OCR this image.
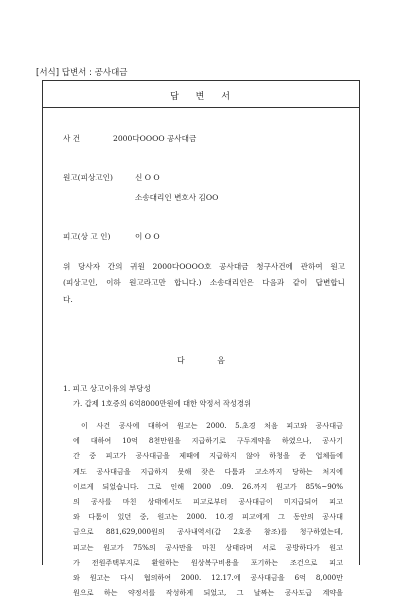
[서식] 답변서 : 공사대금
답 변 서
사 건	2000다OOOO 공사대금
원고(피상고인)	신 O O
소송대리인 변호사 김OO
피고(상 고 인)	이 O O
위 당사자 간의 귀원 2000다OOOO호 공사대금 청구사건에 관하여 원고
(피상고인, 이하 원고라고만 합니다.) 소송대리인은 다음과 같이 답변합니
다.
다 음
1. 피고 상고이유의 부당성
가. 갑제 1호증의 6억8000만원에 대한 약정서 작성경위
이 사건 공사에 대하여 원고는 2000. 5.초경 처음 피고와 공사대금
에 대하여 10억 8천만원을 지급하기로 구두계약을 하였으나, 공사기
간 중 피고가 공사대금을 제때에 지급하지 않아 하청을 준 업체들에
게도 공사대금을 지급하지 못해 잦은 다툼과 고소까지 당하는 처지에
이르게 되었습니다. 그로 인해 2000 .09. 26.까지 원고가 85%~90%
의 공사를 마친 상태에서도 피고로부터 공사대금이 미지급되어 피고
와 다툼이 있던 중, 원고는 2000. 10.경 피고에게 그 동안의 공사대
금으로 881,629,000원의 공사내역서(갑 2호증 참조)를 청구하였는데,
피고는 원고가 75%의 공사만을 마친 상태라며 서로 공방하다가 원고
가 전원주택부지로 환원하는 원상복구비용을 포기하는 조건으로 피고
와 원고는 다시 협의하여 2000. 12.17.에 공사대금을 6억 8,000만
원으로 하는 약정서를 작성하게 되었고, 그 날짜는 공사도급 계약을
